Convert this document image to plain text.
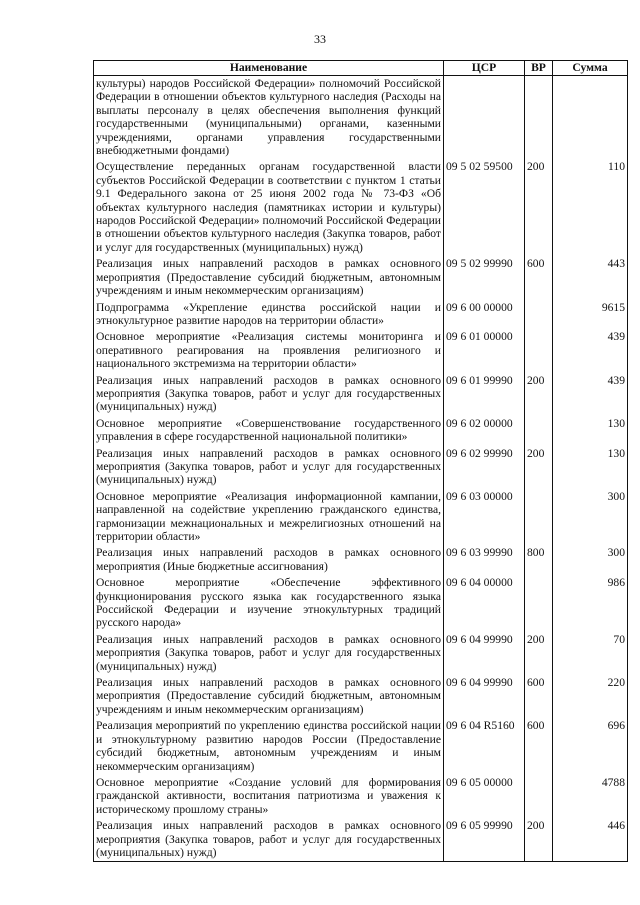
33
Наименование	ЦСР	ВР	Сумма
культуры) народов Российской Федерации» полномочий Российской Федерации в отношении объектов культурного наследия (Расходы на выплаты персоналу в целях обеспечения выполнения функций государственными (муниципальными) органами, казенными учреждениями, органами управления государственными внебюджетными фондами)			
Осуществление переданных органам государственной власти субъектов Российской Федерации в соответствии с пунктом 1 статьи 9.1 Федерального закона от 25 июня 2002 года № 73-ФЗ «Об объектах культурного наследия (памятниках истории и культуры) народов Российской Федерации» полномочий Российской Федерации в отношении объектов культурного наследия (Закупка товаров, работ и услуг для государственных (муниципальных) нужд)	09 5 02 59500	200	110
Реализация иных направлений расходов в рамках основного мероприятия (Предоставление субсидий бюджетным, автономным учреждениям и иным некоммерческим организациям)	09 5 02 99990	600	443
Подпрограмма «Укрепление единства российской нации и этнокультурное развитие народов на территории области»	09 6 00 00000		9615
Основное мероприятие «Реализация системы мониторинга и оперативного реагирования на проявления религиозного и национального экстремизма на территории области»	09 6 01 00000		439
Реализация иных направлений расходов в рамках основного мероприятия (Закупка товаров, работ и услуг для государственных (муниципальных) нужд)	09 6 01 99990	200	439
Основное мероприятие «Совершенствование государственного управления в сфере государственной национальной политики»	09 6 02 00000		130
Реализация иных направлений расходов в рамках основного мероприятия (Закупка товаров, работ и услуг для государственных (муниципальных) нужд)	09 6 02 99990	200	130
Основное мероприятие «Реализация информационной кампании, направленной на содействие укреплению гражданского единства, гармонизации межнациональных и межрелигиозных отношений на территории области»	09 6 03 00000		300
Реализация иных направлений расходов в рамках основного мероприятия (Иные бюджетные ассигнования)	09 6 03 99990	800	300
Основное мероприятие «Обеспечение эффективного функционирования русского языка как государственного языка Российской Федерации и изучение этнокультурных традиций русского народа»	09 6 04 00000		986
Реализация иных направлений расходов в рамках основного мероприятия (Закупка товаров, работ и услуг для государственных (муниципальных) нужд)	09 6 04 99990	200	70
Реализация иных направлений расходов в рамках основного мероприятия (Предоставление субсидий бюджетным, автономным учреждениям и иным некоммерческим организациям)	09 6 04 99990	600	220
Реализация мероприятий по укреплению единства российской нации и этнокультурному развитию народов России (Предоставление субсидий бюджетным, автономным учреждениям и иным некоммерческим организациям)	09 6 04 R5160	600	696
Основное мероприятие «Создание условий для формирования гражданской активности, воспитания патриотизма и уважения к историческому прошлому страны»	09 6 05 00000		4788
Реализация иных направлений расходов в рамках основного мероприятия (Закупка товаров, работ и услуг для государственных (муниципальных) нужд)	09 6 05 99990	200	446
